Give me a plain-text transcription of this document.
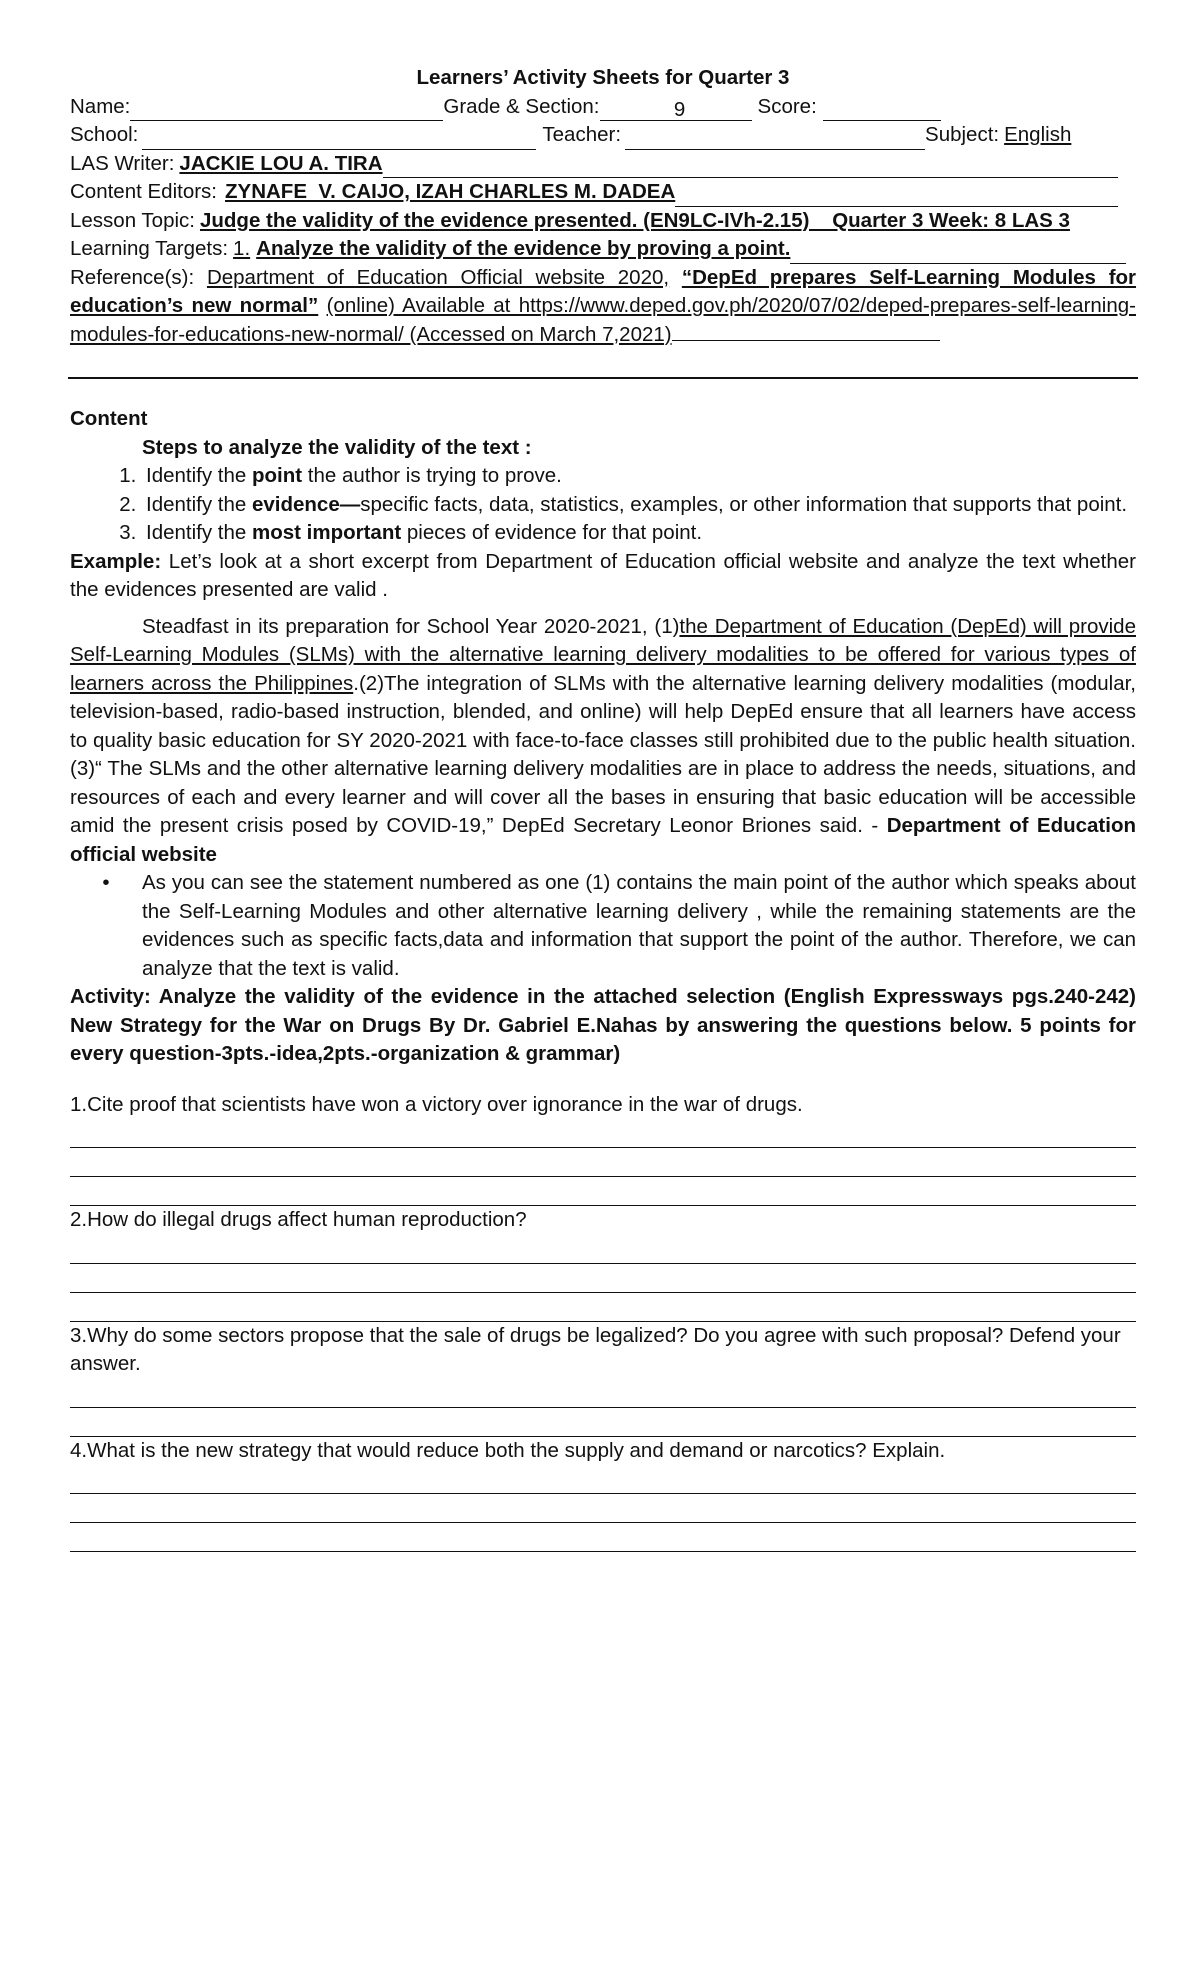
Learners’ Activity Sheets for Quarter 3
Name:	Grade & Section:	9	Score:
School:	Teacher:	Subject: English
LAS Writer: JACKIE LOU A. TIRA
Content Editors: ZYNAFE  V. CAIJO, IZAH CHARLES M. DADEA
Lesson Topic: Judge the validity of the evidence presented. (EN9LC-IVh-2.15)    Quarter 3 Week: 8 LAS 3
Learning Targets: 1. Analyze the validity of the evidence by proving a point.
Reference(s): Department of Education Official website 2020, “DepEd prepares Self-Learning Modules for education’s new normal” (online) Available at https://www.deped.gov.ph/2020/07/02/deped-prepares-self-learning-modules-for-educations-new-normal/ (Accessed on March 7,2021)
Content
Steps to analyze the validity of the text :
1. Identify the point the author is trying to prove.
2. Identify the evidence—specific facts, data, statistics, examples, or other information that supports that point.
3. Identify the most important pieces of evidence for that point.
Example: Let’s look at a short excerpt from Department of Education official website and analyze the text whether the evidences presented are valid .
Steadfast in its preparation for School Year 2020-2021, (1)the Department of Education (DepEd) will provide Self-Learning Modules (SLMs) with the alternative learning delivery modalities to be offered for various types of learners across the Philippines.(2)The integration of SLMs with the alternative learning delivery modalities (modular, television-based, radio-based instruction, blended, and online) will help DepEd ensure that all learners have access to quality basic education for SY 2020-2021 with face-to-face classes still prohibited due to the public health situation.(3)“ The SLMs and the other alternative learning delivery modalities are in place to address the needs, situations, and resources of each and every learner and will cover all the bases in ensuring that basic education will be accessible amid the present crisis posed by COVID-19,” DepEd Secretary Leonor Briones said. - Department of Education official website
•	As you can see the statement numbered as one (1) contains the main point of the author which speaks about the Self-Learning Modules and other alternative learning delivery , while the remaining statements are the evidences such as specific facts,data and information that support the point of the author. Therefore, we can analyze that the text is valid.
Activity: Analyze the validity of the evidence in the attached selection (English Expressways pgs.240-242) New Strategy for the War on Drugs By Dr. Gabriel E.Nahas by answering the questions below. 5 points for every question-3pts.-idea,2pts.-organization & grammar)
1.Cite proof that scientists have won a victory over ignorance in the war of drugs.
2.How do illegal drugs affect human reproduction?
3.Why do some sectors propose that the sale of drugs be legalized? Do you agree with such proposal? Defend your answer.
4.What is the new strategy that would reduce both the supply and demand or narcotics? Explain.
